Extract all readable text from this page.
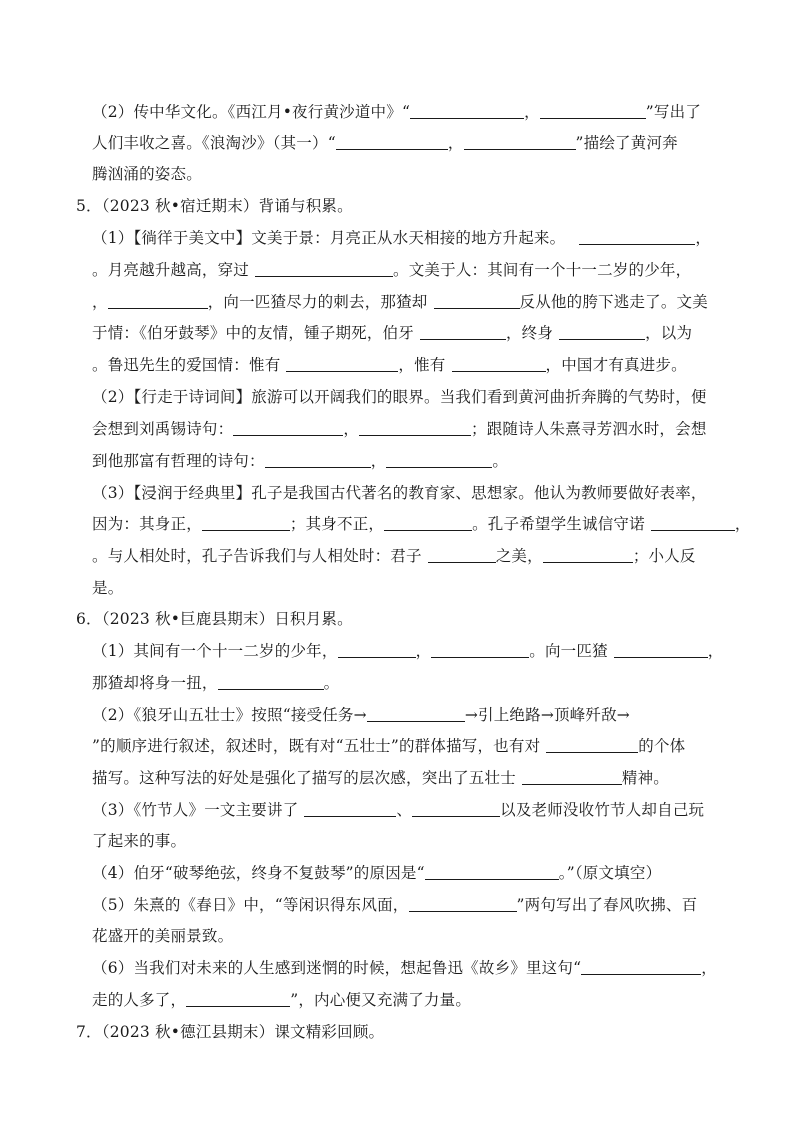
（2）传中华文化。《西江月•夜行黄沙道中》“	，	”写出了
人们丰收之喜。《浪淘沙》（其一）“	，	”描绘了黄河奔
腾汹涌的姿态。
5．（2023 秋•宿迁期末）背诵与积累。
（1）【徜徉于美文中】文美于景：月亮正从水天相接的地方升起来。	，
。月亮越升越高，穿过	。文美于人：其间有一个十一二岁的少年，
，	，向一匹猹尽力的刺去，那猹却	反从他的胯下逃走了。文美
于情：《伯牙鼓琴》中的友情，锺子期死，伯牙	，终身	，以为
。鲁迅先生的爱国情：惟有	，惟有	，中国才有真进步。
（2）【行走于诗词间】旅游可以开阔我们的眼界。当我们看到黄河曲折奔腾的气势时，便
会想到刘禹锡诗句：	，	；跟随诗人朱熹寻芳泗水时，会想
到他那富有哲理的诗句：	，	。
（3）【浸润于经典里】孔子是我国古代著名的教育家、思想家。他认为教师要做好表率，
因为：其身正，	；其身不正，	。孔子希望学生诚信守诺	，
。与人相处时，孔子告诉我们与人相处时：君子	之美，	；小人反
是。
6．（2023 秋•巨鹿县期末）日积月累。
（1）其间有一个十一二岁的少年，	，	。向一匹猹	，
那猹却将身一扭，	。
（2）《狼牙山五壮士》按照“接受任务→	→引上绝路→顶峰歼敌→
”的顺序进行叙述，叙述时，既有对“五壮士”的群体描写，也有对	的个体
描写。这种写法的好处是强化了描写的层次感，突出了五壮士	精神。
（3）《竹节人》一文主要讲了	、	以及老师没收竹节人却自己玩
了起来的事。
（4）伯牙“破琴绝弦，终身不复鼓琴”的原因是“	。”（原文填空）
（5）朱熹的《春日》中，“等闲识得东风面，	”两句写出了春风吹拂、百
花盛开的美丽景致。
（6）当我们对未来的人生感到迷惘的时候，想起鲁迅《故乡》里这句“	，
走的人多了，	”，内心便又充满了力量。
7．（2023 秋•德江县期末）课文精彩回顾。
